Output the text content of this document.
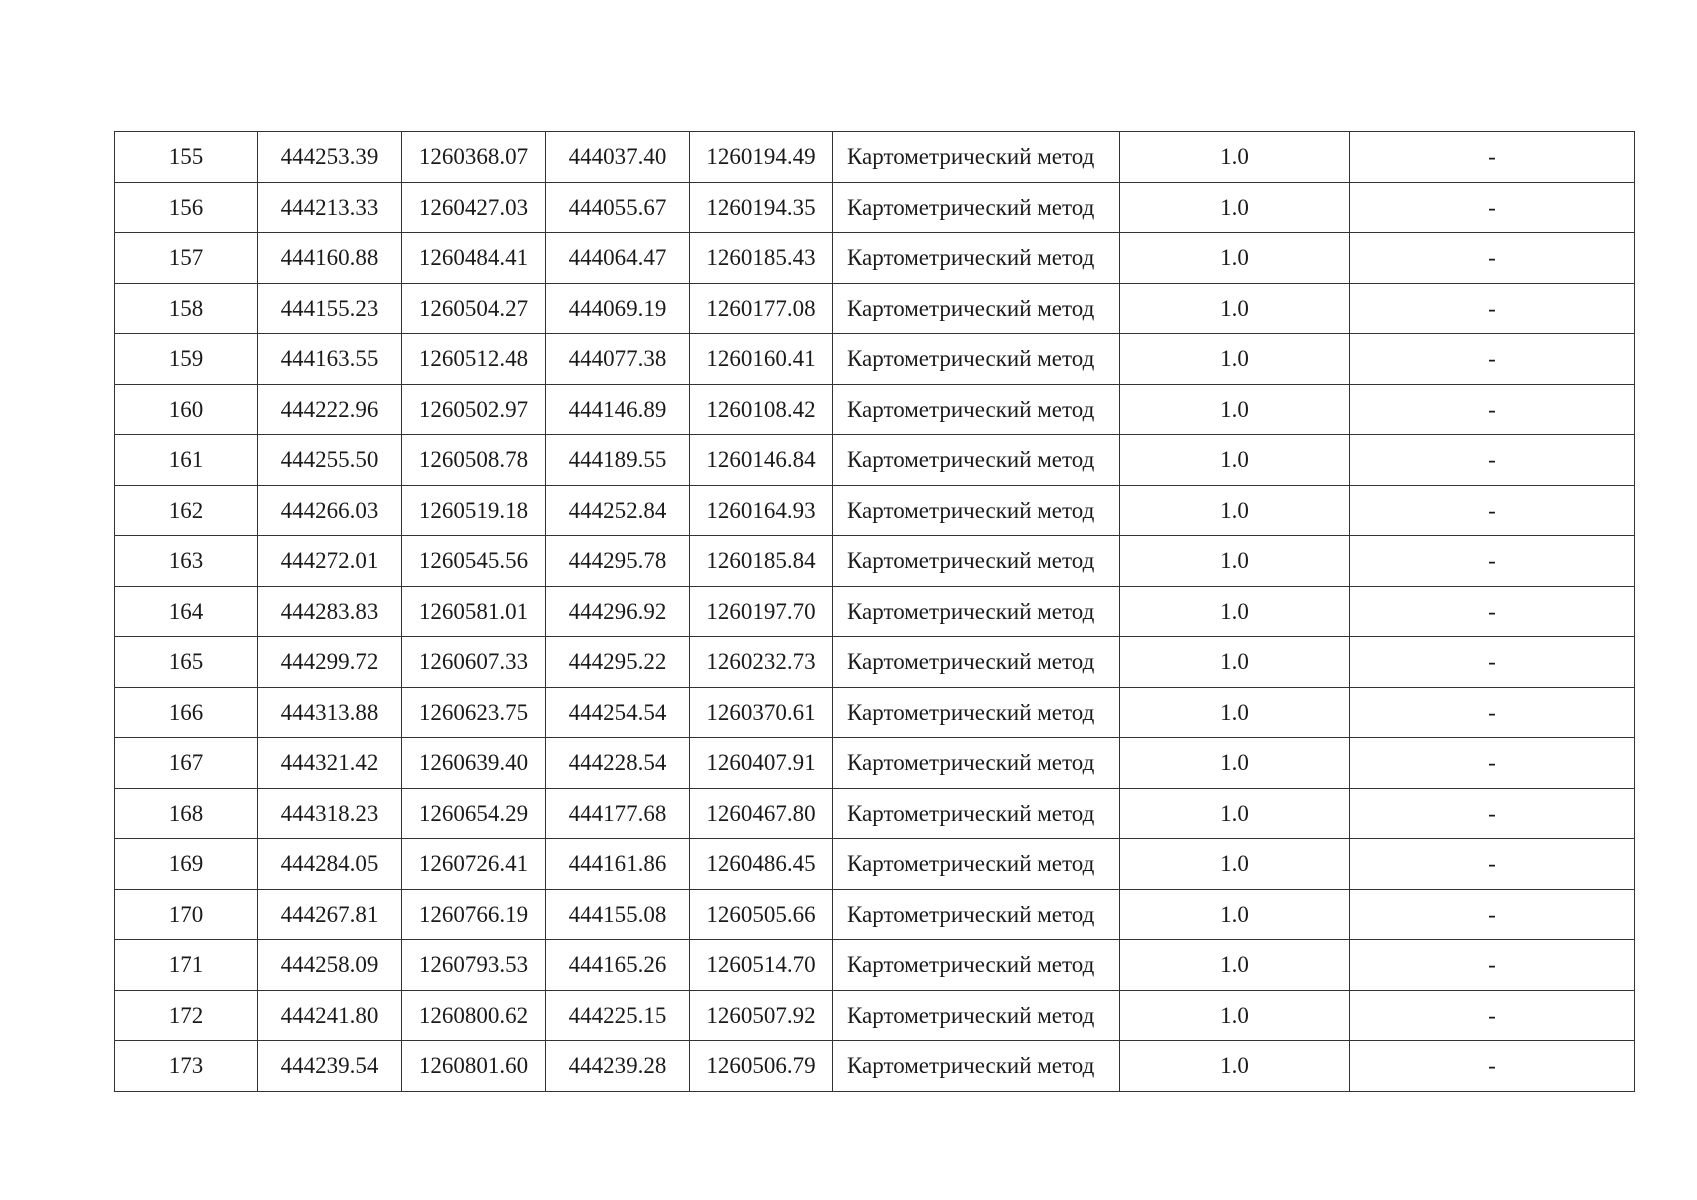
155	444253.39	1260368.07	444037.40	1260194.49	Картометрический метод	1.0	-
156	444213.33	1260427.03	444055.67	1260194.35	Картометрический метод	1.0	-
157	444160.88	1260484.41	444064.47	1260185.43	Картометрический метод	1.0	-
158	444155.23	1260504.27	444069.19	1260177.08	Картометрический метод	1.0	-
159	444163.55	1260512.48	444077.38	1260160.41	Картометрический метод	1.0	-
160	444222.96	1260502.97	444146.89	1260108.42	Картометрический метод	1.0	-
161	444255.50	1260508.78	444189.55	1260146.84	Картометрический метод	1.0	-
162	444266.03	1260519.18	444252.84	1260164.93	Картометрический метод	1.0	-
163	444272.01	1260545.56	444295.78	1260185.84	Картометрический метод	1.0	-
164	444283.83	1260581.01	444296.92	1260197.70	Картометрический метод	1.0	-
165	444299.72	1260607.33	444295.22	1260232.73	Картометрический метод	1.0	-
166	444313.88	1260623.75	444254.54	1260370.61	Картометрический метод	1.0	-
167	444321.42	1260639.40	444228.54	1260407.91	Картометрический метод	1.0	-
168	444318.23	1260654.29	444177.68	1260467.80	Картометрический метод	1.0	-
169	444284.05	1260726.41	444161.86	1260486.45	Картометрический метод	1.0	-
170	444267.81	1260766.19	444155.08	1260505.66	Картометрический метод	1.0	-
171	444258.09	1260793.53	444165.26	1260514.70	Картометрический метод	1.0	-
172	444241.80	1260800.62	444225.15	1260507.92	Картометрический метод	1.0	-
173	444239.54	1260801.60	444239.28	1260506.79	Картометрический метод	1.0	-
